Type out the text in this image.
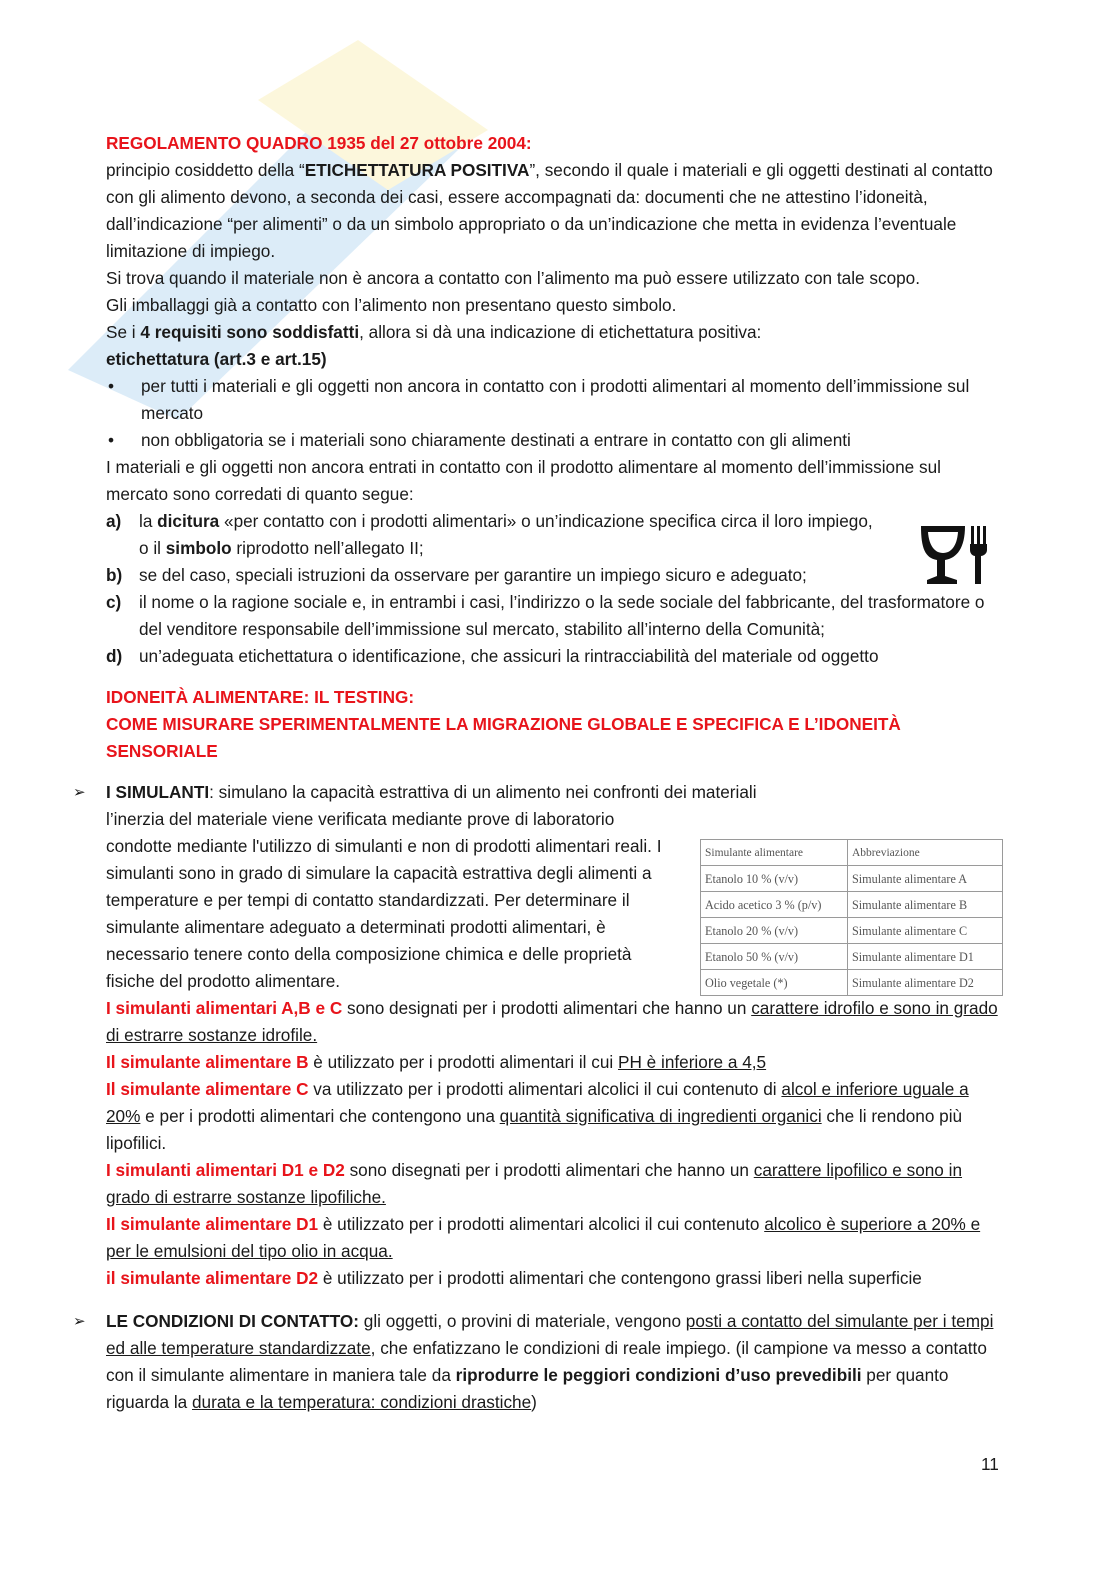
REGOLAMENTO QUADRO 1935 del 27 ottobre 2004:

principio cosiddetto della “ETICHETTATURA POSITIVA”, secondo il quale i materiali e gli oggetti destinati al contatto con gli alimento devono, a seconda dei casi, essere accompagnati da: documenti che ne attestino l’idoneità, dall’indicazione “per alimenti” o da un simbolo appropriato o da un’indicazione che metta in evidenza l’eventuale limitazione di impiego.

Si trova quando il materiale non è ancora a contatto con l’alimento ma può essere utilizzato con tale scopo.

Gli imballaggi già a contatto con l’alimento non presentano questo simbolo.

Se i 4 requisiti sono soddisfatti, allora si dà una indicazione di etichettatura positiva:

etichettatura (art.3 e art.15)

•	per tutti i materiali e gli oggetti non ancora in contatto con i prodotti alimentari al momento dell’immissione sul mercato
•	non obbligatoria se i materiali sono chiaramente destinati a entrare in contatto con gli alimenti

I materiali e gli oggetti non ancora entrati in contatto con il prodotto alimentare al momento dell’immissione sul mercato sono corredati di quanto segue:

a)	la dicitura «per contatto con i prodotti alimentari» o un’indicazione specifica circa il loro impiego, o il simbolo riprodotto nell’allegato II;
b) se del caso, speciali istruzioni da osservare per garantire un impiego sicuro e adeguato;
c)	il nome o la ragione sociale e, in entrambi i casi, l’indirizzo o la sede sociale del fabbricante, del trasformatore o del venditore responsabile dell’immissione sul mercato, stabilito all’interno della Comunità;
d) un’adeguata etichettatura o identificazione, che assicuri la rintracciabilità del materiale od oggetto

IDONEITÀ ALIMENTARE: IL TESTING:

COME MISURARE SPERIMENTALMENTE LA MIGRAZIONE GLOBALE E SPECIFICA E L’IDONEITÀ SENSORIALE

➢	I SIMULANTI: simulano la capacità estrattiva di un alimento nei confronti dei materiali

l’inerzia del materiale viene verificata mediante prove di laboratorio condotte mediante l'utilizzo di simulanti e non di prodotti alimentari reali. I simulanti sono in grado di simulare la capacità estrattiva degli alimenti a temperature e per tempi di contatto standardizzati. Per determinare il simulante alimentare adeguato a determinati prodotti alimentari, è necessario tenere conto della composizione chimica e delle proprietà fisiche del prodotto alimentare.

I simulanti alimentari A,B e C sono designati per i prodotti alimentari che hanno un carattere idrofilo e sono in grado di estrarre sostanze idrofile.

Il simulante alimentare B è utilizzato per i prodotti alimentari il cui PH è inferiore a 4,5

Il simulante alimentare C va utilizzato per i prodotti alimentari alcolici il cui contenuto di alcol e inferiore uguale a 20% e per i prodotti alimentari che contengono una quantità significativa di ingredienti organici che li rendono più lipofilici.

I simulanti alimentari D1 e D2 sono disegnati per i prodotti alimentari che hanno un carattere lipofilico e sono in grado di estrarre sostanze lipofiliche.

Il simulante alimentare D1 è utilizzato per i prodotti alimentari alcolici il cui contenuto alcolico è superiore a 20% e per le emulsioni del tipo olio in acqua.

il simulante alimentare D2 è utilizzato per i prodotti alimentari che contengono grassi liberi nella superficie

➢	LE CONDIZIONI DI CONTATTO: gli oggetti, o provini di materiale, vengono posti a contatto del simulante per i tempi ed alle temperature standardizzate, che enfatizzano le condizioni di reale impiego. (il campione va messo a contatto con il simulante alimentare in maniera tale da riprodurre le peggiori condizioni d’uso prevedibili per quanto riguarda la durata e la temperatura: condizioni drastiche)

Simulante alimentare	Abbreviazione
Etanolo 10 % (v/v)	Simulante alimentare A
Acido acetico 3 % (p/v)	Simulante alimentare B
Etanolo 20 % (v/v)	Simulante alimentare C
Etanolo 50 % (v/v)	Simulante alimentare D1
Olio vegetale (*)	Simulante alimentare D2
11
